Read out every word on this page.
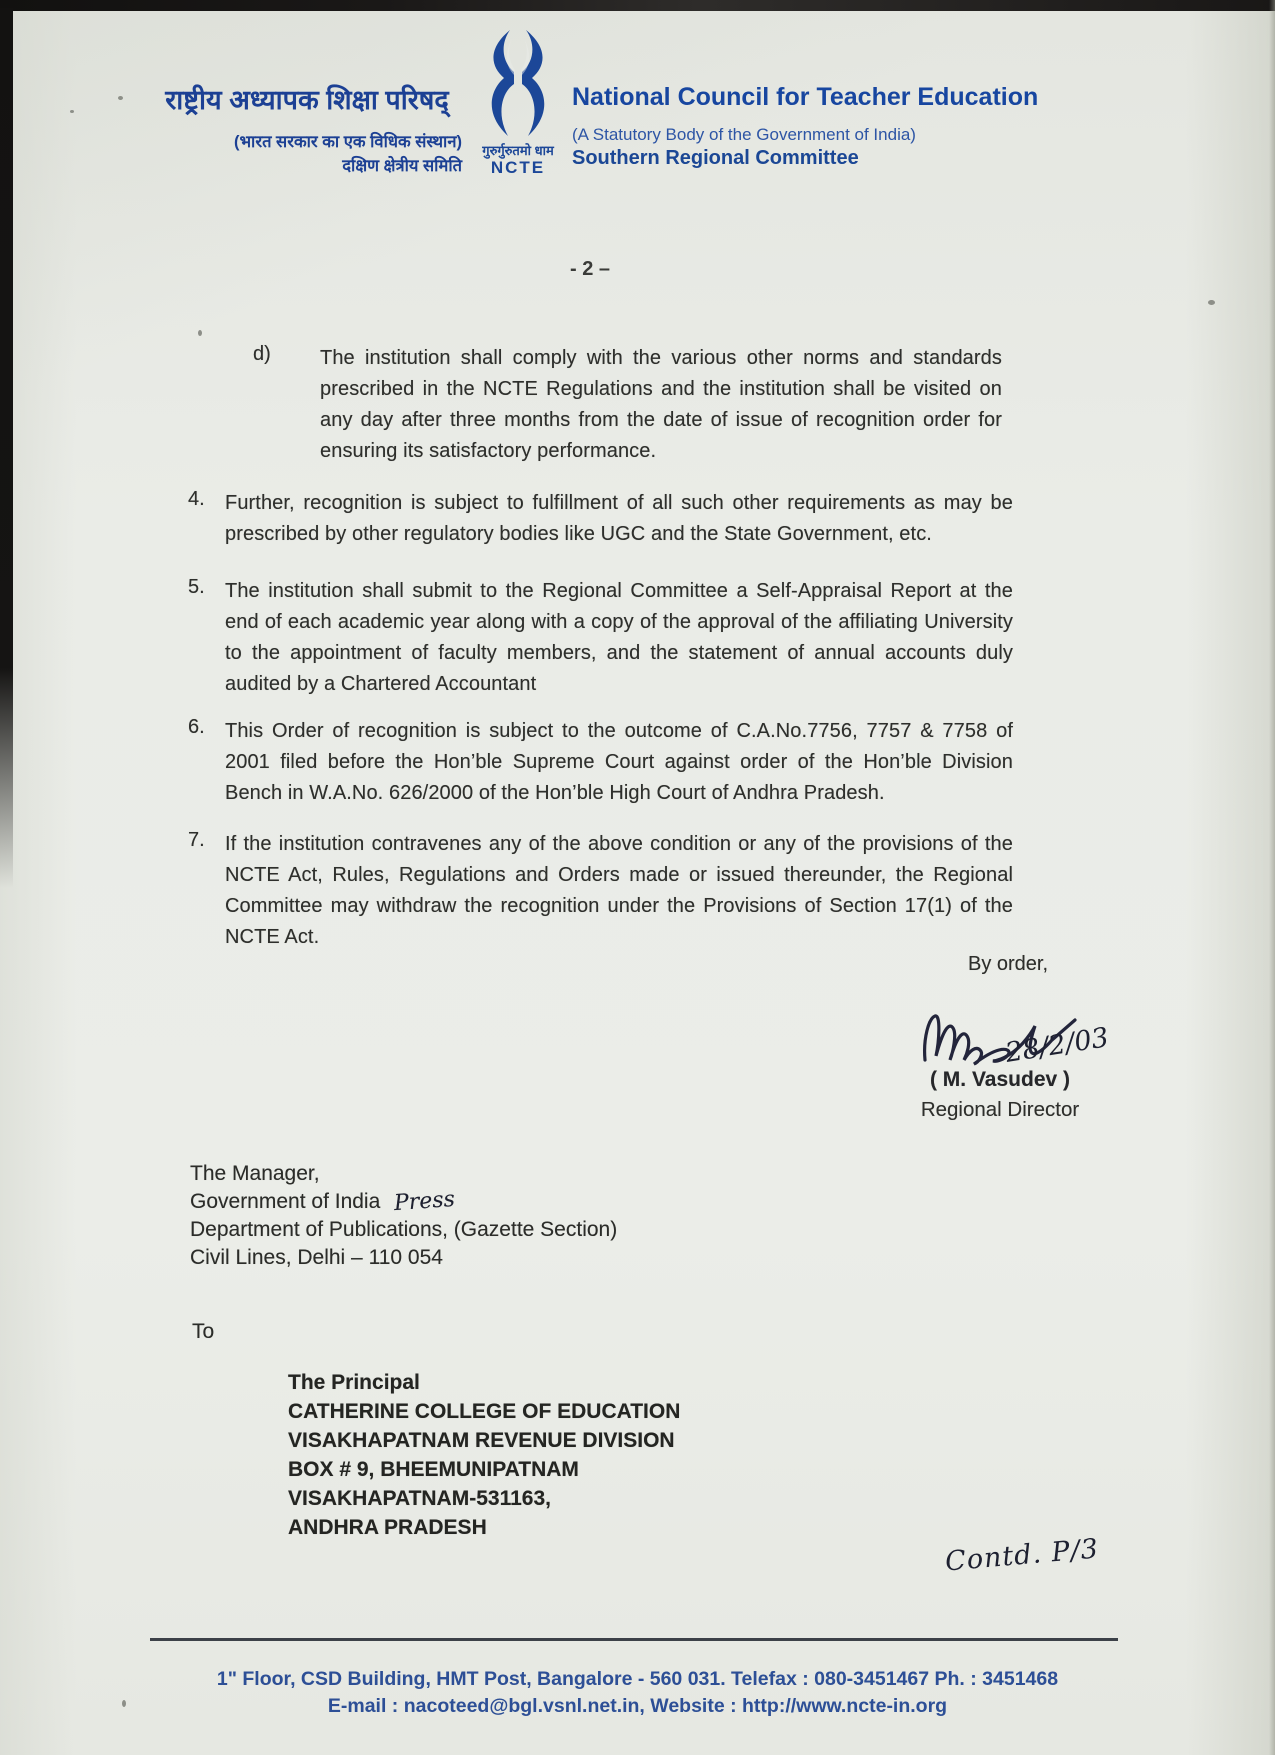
राष्ट्रीय अध्यापक शिक्षा परिषद्
(भारत सरकार का एक विधिक संस्थान)
दक्षिण क्षेत्रीय समिति
गुरुर्गुरुतमो धाम
NCTE
National Council for Teacher Education
(A Statutory Body of the Government of India)
Southern Regional Committee
- 2 –
d) The institution shall comply with the various other norms and standards prescribed in the NCTE Regulations and the institution shall be visited on any day after three months from the date of issue of recognition order for ensuring its satisfactory performance.
4. Further, recognition is subject to fulfillment of all such other requirements as may be prescribed by other regulatory bodies like UGC and the State Government, etc.
5. The institution shall submit to the Regional Committee a Self-Appraisal Report at the end of each academic year along with a copy of the approval of the affiliating University to the appointment of faculty members, and the statement of annual accounts duly audited by a Chartered Accountant
6. This Order of recognition is subject to the outcome of C.A.No.7756, 7757 & 7758 of 2001 filed before the Hon’ble Supreme Court against order of the Hon’ble Division Bench in W.A.No. 626/2000 of the Hon’ble High Court of Andhra Pradesh.
7. If the institution contravenes any of the above condition or any of the provisions of the NCTE Act, Rules, Regulations and Orders made or issued thereunder, the Regional Committee may withdraw the recognition under the Provisions of Section 17(1) of the NCTE Act.
By order,
28/2/03
( M. Vasudev )
Regional Director
The Manager,
Government of India Press
Department of Publications, (Gazette Section)
Civil Lines, Delhi – 110 054
To
The Principal
CATHERINE COLLEGE OF EDUCATION
VISAKHAPATNAM REVENUE DIVISION
BOX # 9, BHEEMUNIPATNAM
VISAKHAPATNAM-531163,
ANDHRA PRADESH
Contd. P/3
1" Floor, CSD Building, HMT Post, Bangalore - 560 031. Telefax : 080-3451467 Ph. : 3451468
E-mail : nacoteed@bgl.vsnl.net.in, Website : http://www.ncte-in.org
